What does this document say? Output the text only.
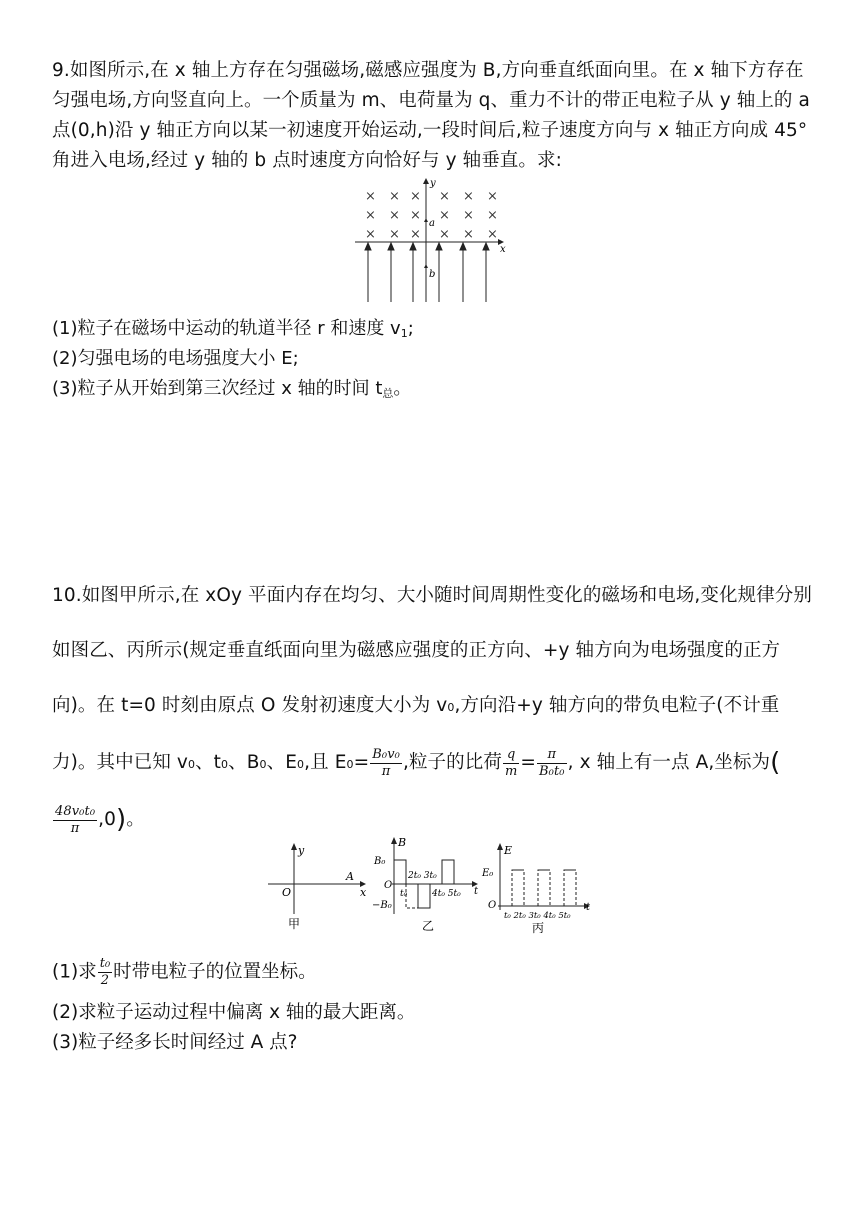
9.如图所示,在 x 轴上方存在匀强磁场,磁感应强度为 B,方向垂直纸面向里。在 x 轴下方存在匀强电场,方向竖直向上。一个质量为 m、电荷量为 q、重力不计的带正电粒子从 y 轴上的 a 点(0,h)沿 y 轴正方向以某一初速度开始运动,一段时间后,粒子速度方向与 x 轴正方向成 45° 角进入电场,经过 y 轴的 b 点时速度方向恰好与 y 轴垂直。求:
× × × × × ×
× × × × × ×
× × × × × ×
x
y
a
b
(1)粒子在磁场中运动的轨道半径 r 和速度 v1;
(2)匀强电场的电场强度大小 E;
(3)粒子从开始到第三次经过 x 轴的时间 t总。
10.如图甲所示,在 xOy 平面内存在均匀、大小随时间周期性变化的磁场和电场,变化规律分别如图乙、丙所示(规定垂直纸面向里为磁感应强度的正方向、+y 轴方向为电场强度的正方向)。在 t=0 时刻由原点 O 发射初速度大小为 v0,方向沿+y 轴方向的带负电粒子(不计重力)。其中已知 v0、t0、B0、E0,且 $E0= \frac{\text{B₀v₀}}{\pi}$ ,粒子的比荷 $\frac{q}{m} = \frac{\pi}{\text{B₀t₀}}$ , x 轴上有一点 A,坐标为(
$\frac{\text{48v₀t₀}}{\pi} ,0$)。
y
x
O
A
甲
B
B₀
−B₀
O
t
2t₀ 3t₀
t₀	4t₀ 5t₀
乙
E
E₀
O	t
t₀ 2t₀ 3t₀ 4t₀ 5t₀
丙
(1)求 $\frac{\text{t₀}}{2}$ 时带电粒子的位置坐标。
(2)求粒子运动过程中偏离 x 轴的最大距离。
(3)粒子经多长时间经过 A 点?
